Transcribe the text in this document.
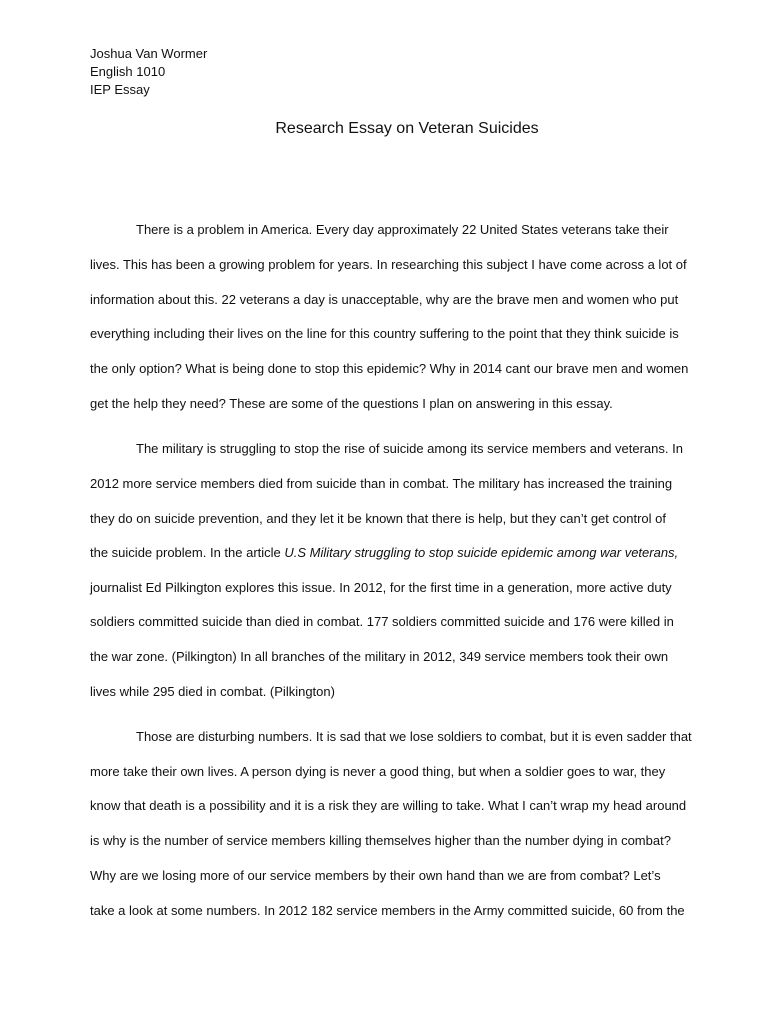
Joshua Van Wormer
English 1010
IEP Essay
Research Essay on Veteran Suicides
There is a problem in America. Every day approximately 22 United States veterans take their
lives. This has been a growing problem for years. In researching this subject I have come across a lot of
information about this. 22 veterans a day is unacceptable, why are the brave men and women who put
everything including their lives on the line for this country suffering to the point that they think suicide is
the only option? What is being done to stop this epidemic? Why in 2014 cant our brave men and women
get the help they need? These are some of the questions I plan on answering in this essay.
The military is struggling to stop the rise of suicide among its service members and veterans. In
2012 more service members died from suicide than in combat. The military has increased the training
they do on suicide prevention, and they let it be known that there is help, but they can’t get control of
the suicide problem. In the article U.S Military struggling to stop suicide epidemic among war veterans,
journalist Ed Pilkington explores this issue. In 2012, for the first time in a generation, more active duty
soldiers committed suicide than died in combat. 177 soldiers committed suicide and 176 were killed in
the war zone. (Pilkington) In all branches of the military in 2012, 349 service members took their own
lives while 295 died in combat. (Pilkington)
Those are disturbing numbers. It is sad that we lose soldiers to combat, but it is even sadder that
more take their own lives. A person dying is never a good thing, but when a soldier goes to war, they
know that death is a possibility and it is a risk they are willing to take. What I can’t wrap my head around
is why is the number of service members killing themselves higher than the number dying in combat?
Why are we losing more of our service members by their own hand than we are from combat? Let’s
take a look at some numbers. In 2012 182 service members in the Army committed suicide, 60 from the
